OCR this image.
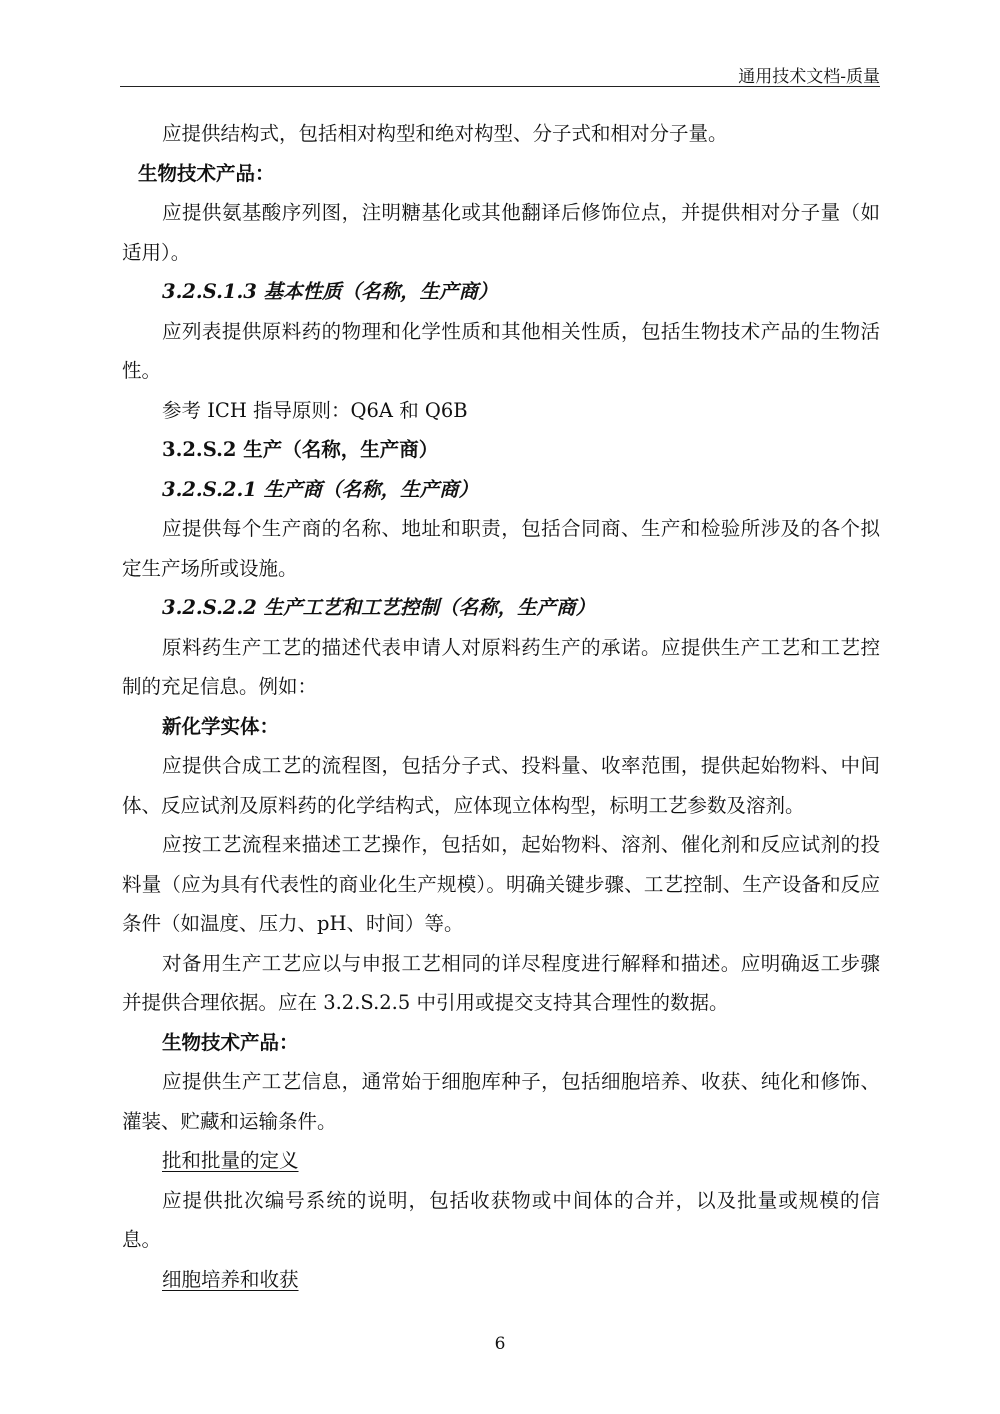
通用技术文档-质量

应提供结构式，包括相对构型和绝对构型、分子式和相对分子量。

生物技术产品：

应提供氨基酸序列图，注明糖基化或其他翻译后修饰位点，并提供相对分子量（如适用）。

3.2.S.1.3 基本性质（名称，生产商）

应列表提供原料药的物理和化学性质和其他相关性质，包括生物技术产品的生物活性。

参考 ICH 指导原则：Q6A 和 Q6B

3.2.S.2 生产（名称，生产商）

3.2.S.2.1 生产商（名称，生产商）

应提供每个生产商的名称、地址和职责，包括合同商、生产和检验所涉及的各个拟定生产场所或设施。

3.2.S.2.2 生产工艺和工艺控制（名称，生产商）

原料药生产工艺的描述代表申请人对原料药生产的承诺。应提供生产工艺和工艺控制的充足信息。例如：

新化学实体：

应提供合成工艺的流程图，包括分子式、投料量、收率范围，提供起始物料、中间体、反应试剂及原料药的化学结构式，应体现立体构型，标明工艺参数及溶剂。

应按工艺流程来描述工艺操作，包括如，起始物料、溶剂、催化剂和反应试剂的投料量（应为具有代表性的商业化生产规模）。明确关键步骤、工艺控制、生产设备和反应条件（如温度、压力、pH、时间）等。

对备用生产工艺应以与申报工艺相同的详尽程度进行解释和描述。应明确返工步骤并提供合理依据。应在 3.2.S.2.5 中引用或提交支持其合理性的数据。

生物技术产品：

应提供生产工艺信息，通常始于细胞库种子，包括细胞培养、收获、纯化和修饰、灌装、贮藏和运输条件。

批和批量的定义

应提供批次编号系统的说明，包括收获物或中间体的合并，以及批量或规模的信息。

细胞培养和收获

6
